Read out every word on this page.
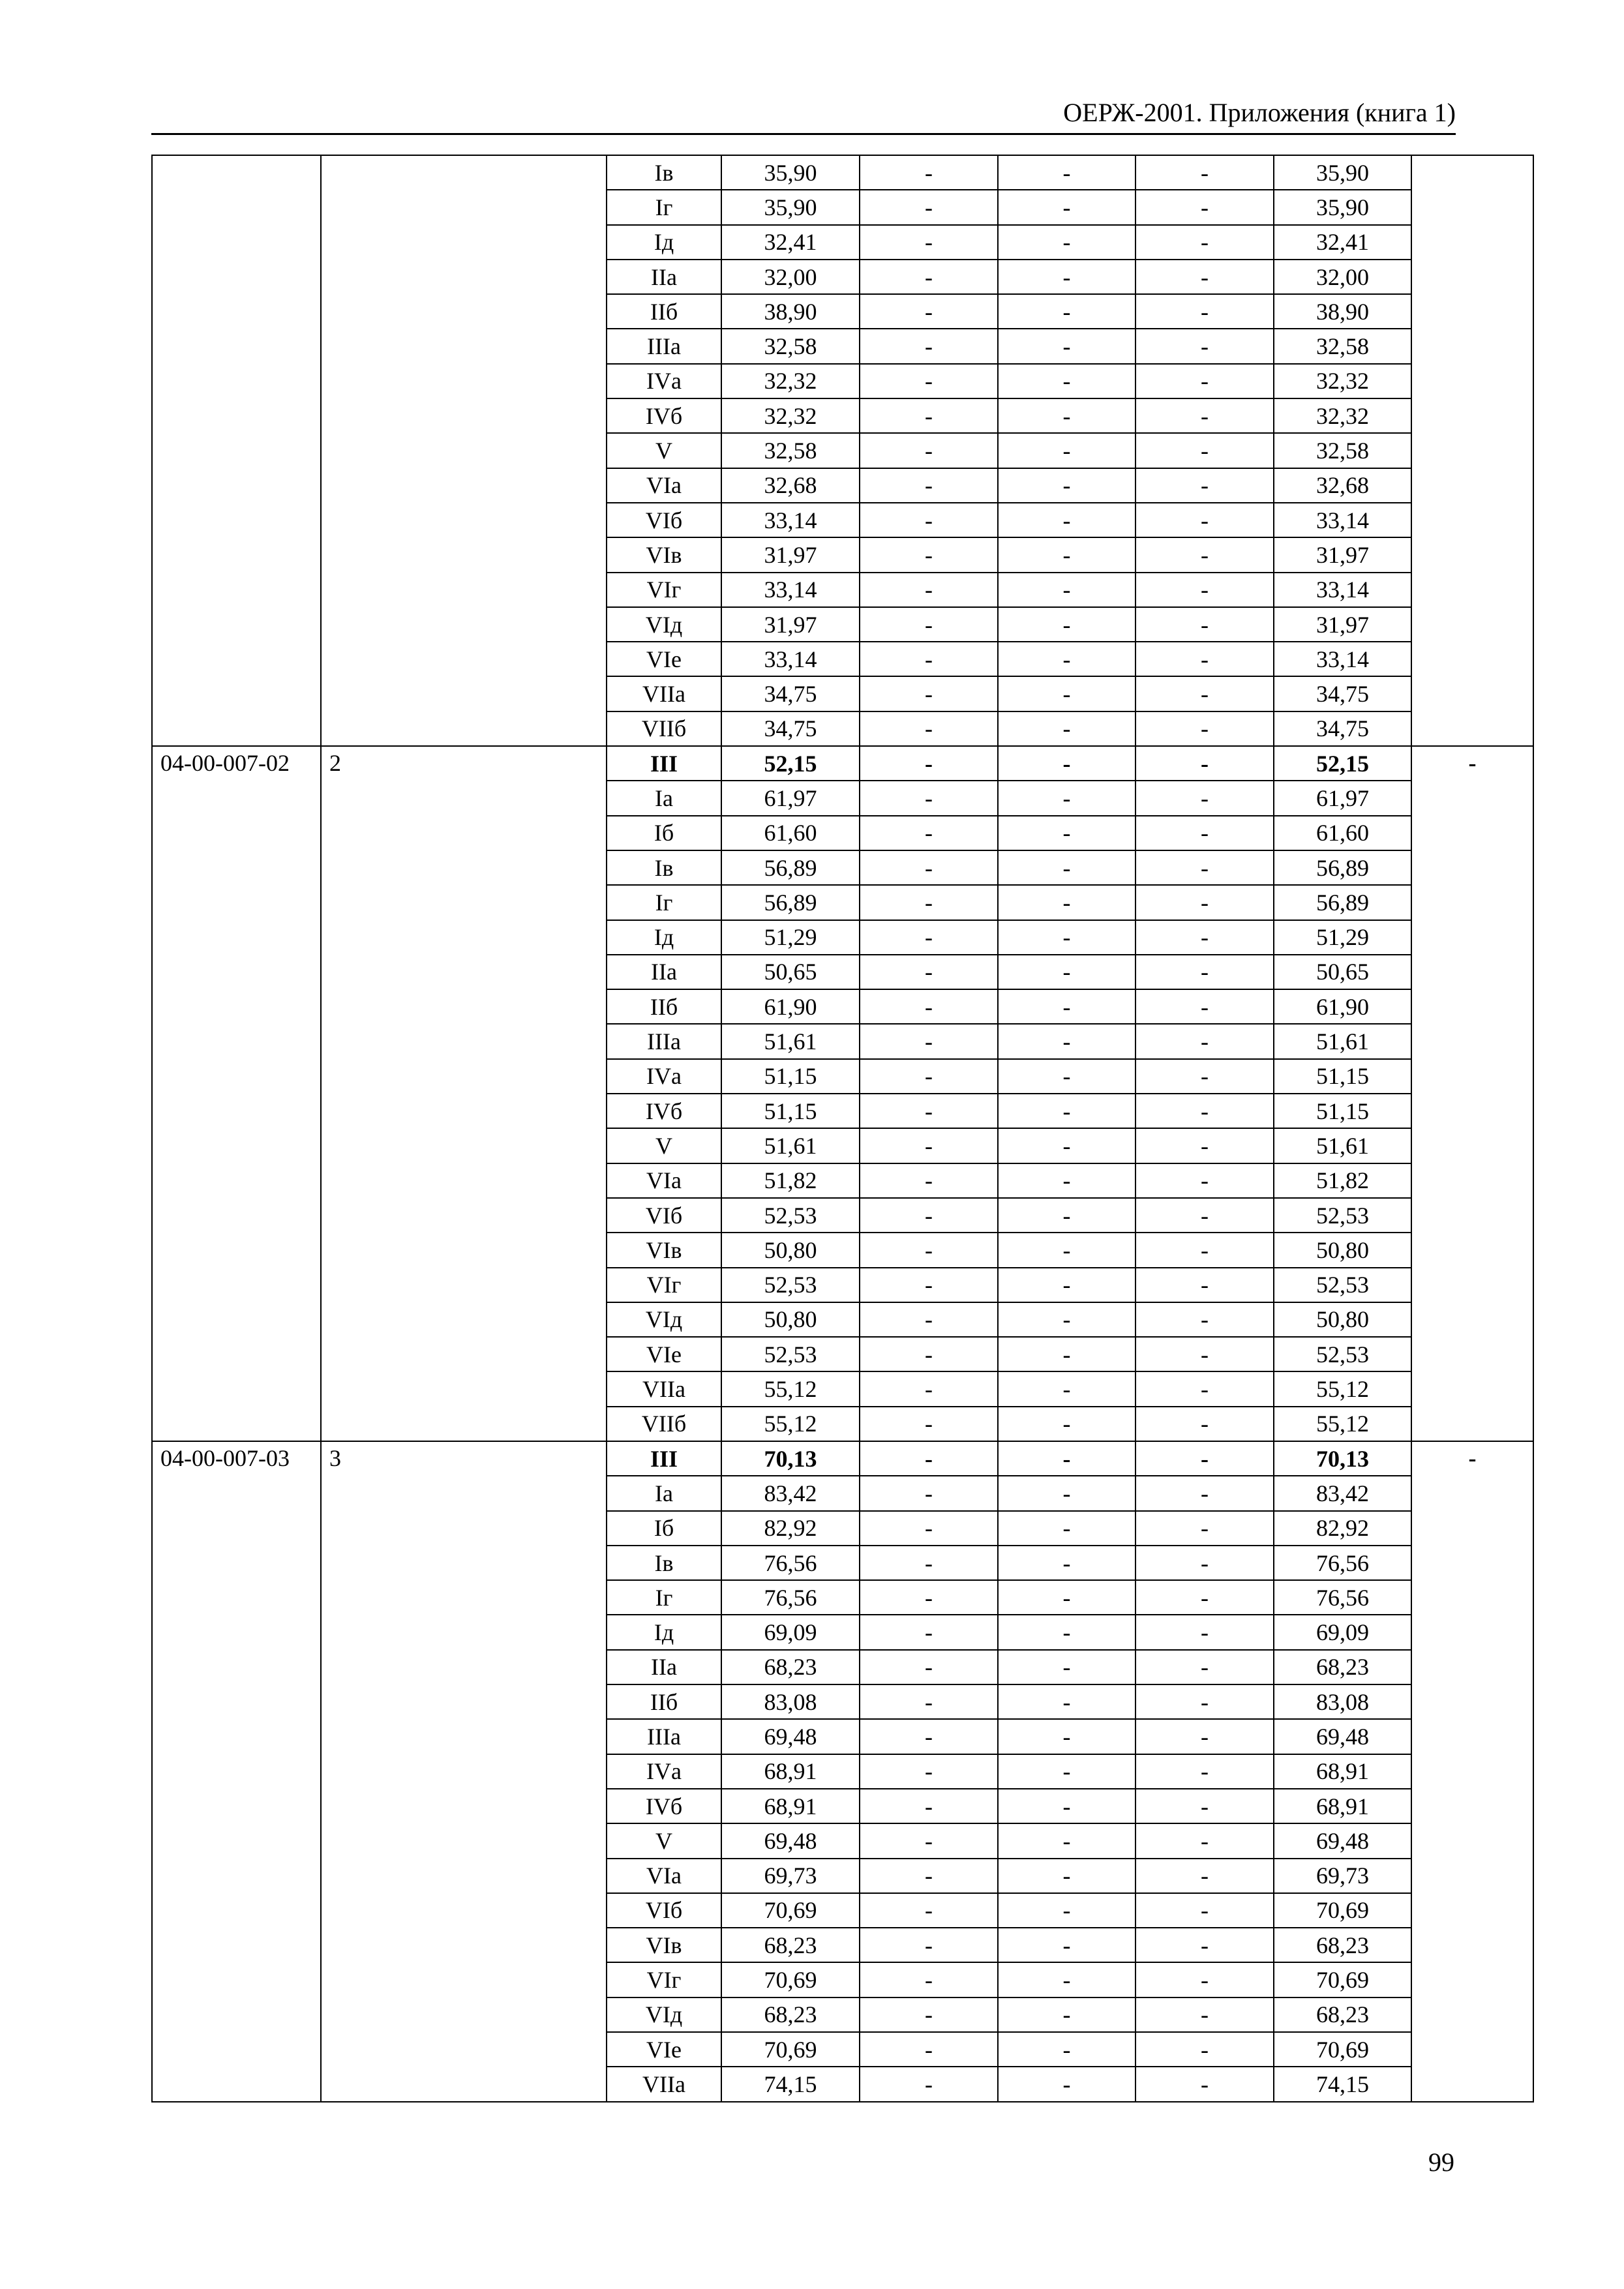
ОЕРЖ-2001. Приложения (книга 1)
		Iв	35,90	-	-	-	35,90	
		Iг	35,90	-	-	-	35,90	
		Iд	32,41	-	-	-	32,41	
		IIа	32,00	-	-	-	32,00	
		IIб	38,90	-	-	-	38,90	
		IIIа	32,58	-	-	-	32,58	
		IVа	32,32	-	-	-	32,32	
		IVб	32,32	-	-	-	32,32	
		V	32,58	-	-	-	32,58	
		VIа	32,68	-	-	-	32,68	
		VIб	33,14	-	-	-	33,14	
		VIв	31,97	-	-	-	31,97	
		VIг	33,14	-	-	-	33,14	
		VIд	31,97	-	-	-	31,97	
		VIе	33,14	-	-	-	33,14	
		VIIа	34,75	-	-	-	34,75	
		VIIб	34,75	-	-	-	34,75	
04-00-007-02	2	III	52,15	-	-	-	52,15	-
		Iа	61,97	-	-	-	61,97	
		Iб	61,60	-	-	-	61,60	
		Iв	56,89	-	-	-	56,89	
		Iг	56,89	-	-	-	56,89	
		Iд	51,29	-	-	-	51,29	
		IIа	50,65	-	-	-	50,65	
		IIб	61,90	-	-	-	61,90	
		IIIа	51,61	-	-	-	51,61	
		IVа	51,15	-	-	-	51,15	
		IVб	51,15	-	-	-	51,15	
		V	51,61	-	-	-	51,61	
		VIа	51,82	-	-	-	51,82	
		VIб	52,53	-	-	-	52,53	
		VIв	50,80	-	-	-	50,80	
		VIг	52,53	-	-	-	52,53	
		VIд	50,80	-	-	-	50,80	
		VIе	52,53	-	-	-	52,53	
		VIIа	55,12	-	-	-	55,12	
		VIIб	55,12	-	-	-	55,12	
04-00-007-03	3	III	70,13	-	-	-	70,13	-
		Iа	83,42	-	-	-	83,42	
		Iб	82,92	-	-	-	82,92	
		Iв	76,56	-	-	-	76,56	
		Iг	76,56	-	-	-	76,56	
		Iд	69,09	-	-	-	69,09	
		IIа	68,23	-	-	-	68,23	
		IIб	83,08	-	-	-	83,08	
		IIIа	69,48	-	-	-	69,48	
		IVа	68,91	-	-	-	68,91	
		IVб	68,91	-	-	-	68,91	
		V	69,48	-	-	-	69,48	
		VIа	69,73	-	-	-	69,73	
		VIб	70,69	-	-	-	70,69	
		VIв	68,23	-	-	-	68,23	
		VIг	70,69	-	-	-	70,69	
		VIд	68,23	-	-	-	68,23	
		VIе	70,69	-	-	-	70,69	
		VIIа	74,15	-	-	-	74,15	
99
